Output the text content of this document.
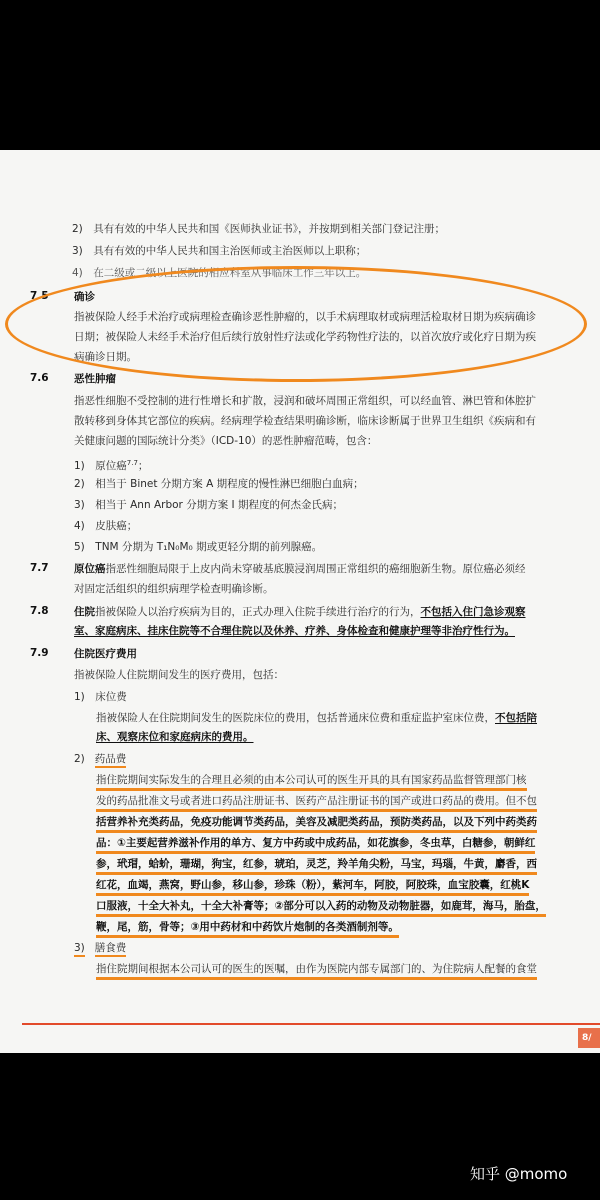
2)　具有有效的中华人民共和国《医师执业证书》，并按期到相关部门登记注册；
3)　具有有效的中华人民共和国主治医师或主治医师以上职称；
4)　在二级或二级以上医院的相应科室从事临床工作三年以上。
7.5 确诊
指被保险人经手术治疗或病理检查确诊恶性肿瘤的，以手术病理取材或病理活检取材日期为疾病确诊
日期；被保险人未经手术治疗但后续行放射性疗法或化学药物性疗法的，以首次放疗或化疗日期为疾
病确诊日期。
7.6 恶性肿瘤
指恶性细胞不受控制的进行性增长和扩散，浸润和破坏周围正常组织，可以经血管、淋巴管和体腔扩
散转移到身体其它部位的疾病。经病理学检查结果明确诊断，临床诊断属于世界卫生组织《疾病和有
关健康问题的国际统计分类》（ICD-10）的恶性肿瘤范畴，包含：
1)　原位癌$^{7.7}$；
2)　相当于 Binet 分期方案 A 期程度的慢性淋巴细胞白血病；
3)　相当于 Ann Arbor 分期方案 I 期程度的何杰金氏病；
4)　皮肤癌；
5)　TNM 分期为 T₁N₀M₀ 期或更轻分期的前列腺癌。
7.7 原位癌指恶性细胞局限于上皮内尚未穿破基底膜浸润周围正常组织的癌细胞新生物。原位癌必须经
对固定活组织的组织病理学检查明确诊断。
7.8 住院指被保险人以治疗疾病为目的，正式办理入住院手续进行治疗的行为，不包括入住门急诊观察
室、家庭病床、挂床住院等不合理住院以及休养、疗养、身体检查和健康护理等非治疗性行为。
7.9 住院医疗费用
指被保险人住院期间发生的医疗费用，包括：
1)　床位费
指被保险人在住院期间发生的医院床位的费用，包括普通床位费和重症监护室床位费，不包括陪
床、观察床位和家庭病床的费用。
2) 药品费
指住院期间实际发生的合理且必须的由本公司认可的医生开具的具有国家药品监督管理部门核
发的药品批准文号或者进口药品注册证书、医药产品注册证书的国产或进口药品的费用。但不包
括营养补充类药品，免疫功能调节类药品，美容及减肥类药品，预防类药品，以及下列中药类药
品：①主要起营养滋补作用的单方、复方中药或中成药品，如花旗参，冬虫草，白糖参，朝鲜红
参，玳瑁，蛤蚧，珊瑚，狗宝，红参，琥珀，灵芝，羚羊角尖粉，马宝，玛瑙，牛黄，麝香，西
红花，血竭，燕窝，野山参，移山参，珍珠（粉），紫河车，阿胶，阿胶珠，血宝胶囊，红桃K
口服液，十全大补丸，十全大补膏等；②部分可以入药的动物及动物脏器，如鹿茸，海马，胎盘，
鞭，尾，筋，骨等；③用中药材和中药饮片炮制的各类酒制剂等。
3) 膳食费
指住院期间根据本公司认可的医生的医嘱，由作为医院内部专属部门的、为住院病人配餐的食堂
8/
知乎 @momo
